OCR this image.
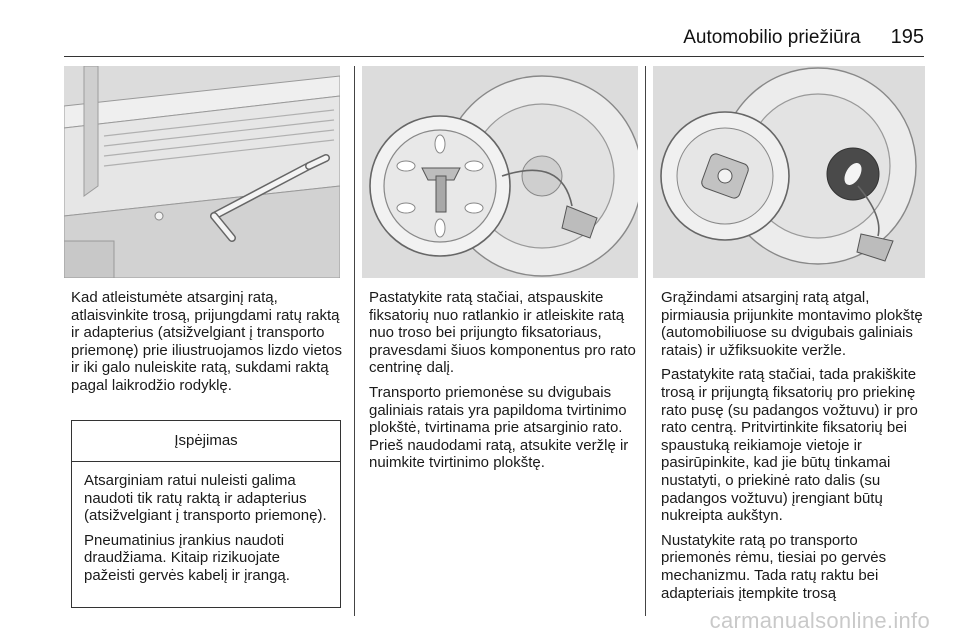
Automobilio priežiūra 195

Kad atleistumėte atsarginį ratą, atlaisvinkite trosą, prijungdami ratų raktą ir adapterius (atsižvelgiant į transporto priemonę) prie iliustruojamos lizdo vietos ir iki galo nuleiskite ratą, sukdami raktą pagal laikrodžio rodyklę.

Įspėjimas

Atsarginiam ratui nuleisti galima naudoti tik ratų raktą ir adapterius (atsižvelgiant į transporto priemonę).

Pneumatinius įrankius naudoti draudžiama. Kitaip rizikuojate pažeisti gervės kabelį ir įrangą.

Pastatykite ratą stačiai, atspauskite fiksatorių nuo ratlankio ir atleiskite ratą nuo troso bei prijungto fiksatoriaus, pravesdami šiuos komponentus pro rato centrinę dalį.

Transporto priemonėse su dvigubais galiniais ratais yra papildoma tvirtinimo plokštė, tvirtinama prie atsarginio rato. Prieš naudodami ratą, atsukite veržlę ir nuimkite tvirtinimo plokštę.

Grąžindami atsarginį ratą atgal, pirmiausia prijunkite montavimo plokštę (automobiliuose su dvigubais galiniais ratais) ir užfiksuokite veržle.

Pastatykite ratą stačiai, tada prakiškite trosą ir prijungtą fiksatorių pro priekinę rato pusę (su padangos vožtuvu) ir pro rato centrą. Pritvirtinkite fiksatorių bei spaustuką reikiamoje vietoje ir pasirūpinkite, kad jie būtų tinkamai nustatyti, o priekinė rato dalis (su padangos vožtuvu) įrengiant būtų nukreipta aukštyn.

Nustatykite ratą po transporto priemonės rėmu, tiesiai po gervės mechanizmu. Tada ratų raktu bei adapteriais įtempkite trosą

carmanualsonline.info
